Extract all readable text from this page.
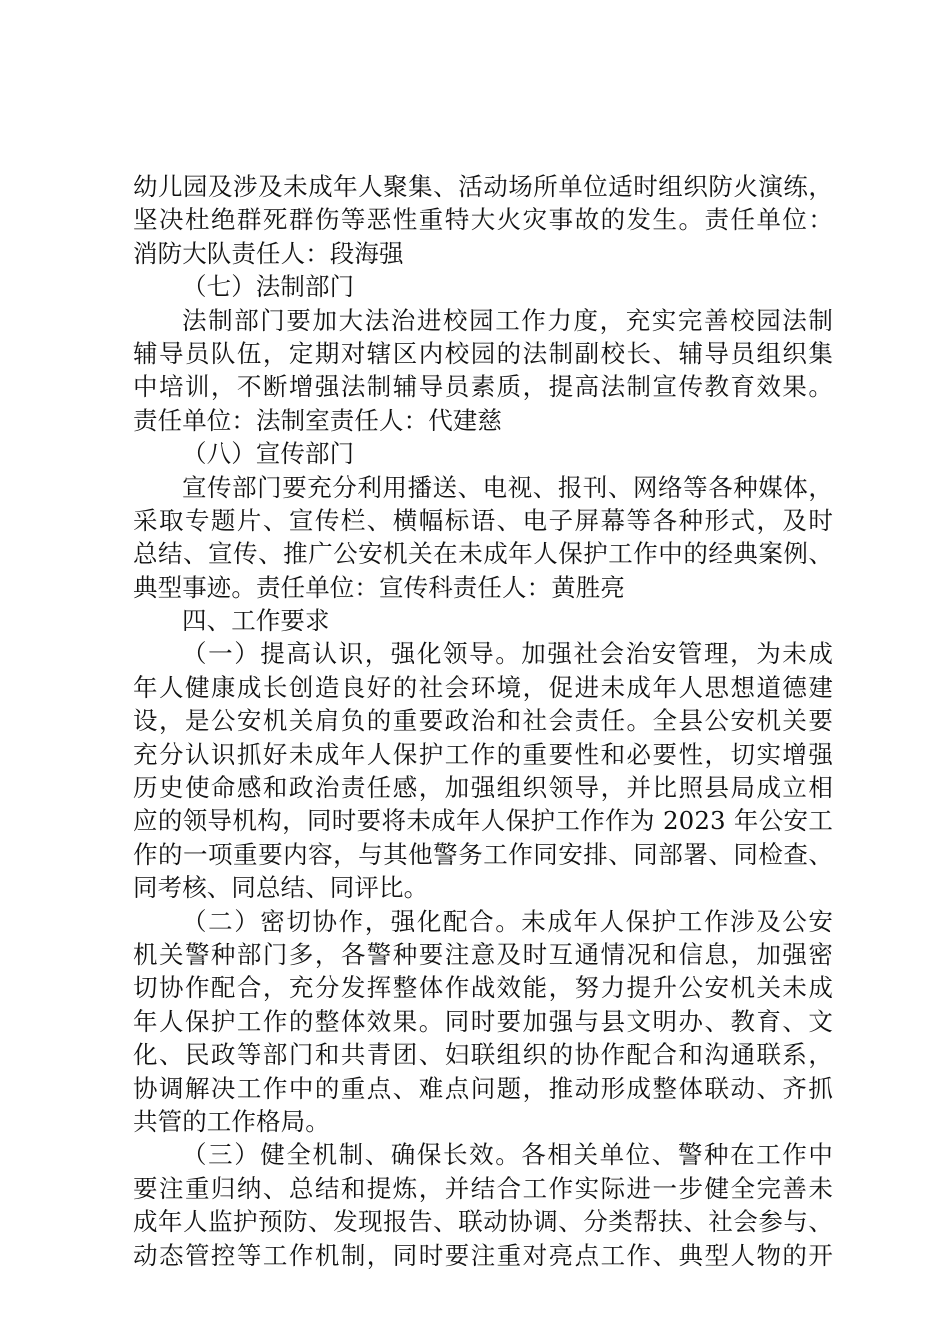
幼儿园及涉及未成年人聚集、活动场所单位适时组织防火演练，
坚决杜绝群死群伤等恶性重特大火灾事故的发生。责任单位：
消防大队责任人：段海强
（七）法制部门
法制部门要加大法治进校园工作力度，充实完善校园法制
辅导员队伍，定期对辖区内校园的法制副校长、辅导员组织集
中培训，不断增强法制辅导员素质，提高法制宣传教育效果。
责任单位：法制室责任人：代建慈
（八）宣传部门
宣传部门要充分利用播送、电视、报刊、网络等各种媒体，
采取专题片、宣传栏、横幅标语、电子屏幕等各种形式，及时
总结、宣传、推广公安机关在未成年人保护工作中的经典案例、
典型事迹。责任单位：宣传科责任人：黄胜亮
四、工作要求
（一）提高认识，强化领导。加强社会治安管理，为未成
年人健康成长创造良好的社会环境，促进未成年人思想道德建
设，是公安机关肩负的重要政治和社会责任。全县公安机关要
充分认识抓好未成年人保护工作的重要性和必要性，切实增强
历史使命感和政治责任感，加强组织领导，并比照县局成立相
应的领导机构，同时要将未成年人保护工作作为 2023 年公安工
作的一项重要内容，与其他警务工作同安排、同部署、同检查、
同考核、同总结、同评比。
（二）密切协作，强化配合。未成年人保护工作涉及公安
机关警种部门多，各警种要注意及时互通情况和信息，加强密
切协作配合，充分发挥整体作战效能，努力提升公安机关未成
年人保护工作的整体效果。同时要加强与县文明办、教育、文
化、民政等部门和共青团、妇联组织的协作配合和沟通联系，
协调解决工作中的重点、难点问题，推动形成整体联动、齐抓
共管的工作格局。
（三）健全机制、确保长效。各相关单位、警种在工作中
要注重归纳、总结和提炼，并结合工作实际进一步健全完善未
成年人监护预防、发现报告、联动协调、分类帮扶、社会参与、
动态管控等工作机制，同时要注重对亮点工作、典型人物的开
